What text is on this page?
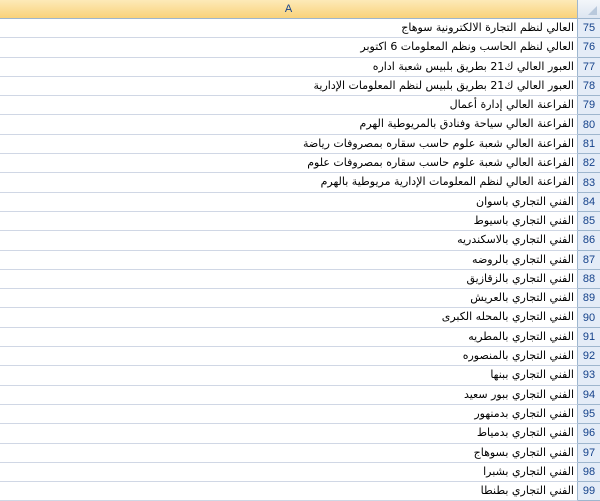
A
العالي لنظم التجارة الالكترونية سوهاج 75
العالي لنظم الحاسب ونظم المعلومات 6 اكتوبر 76
العبور العالي ك21 بطريق بلبيس شعبة اداره 77
العبور العالي ك21 بطريق بلبيس لنظم المعلومات الإدارية 78
الفراعنة العالي إدارة أعمال 79
الفراعنة العالي سياحة وفنادق بالمريوطية الهرم 80
الفراعنة العالي شعبة علوم حاسب سقاره بمصروفات رياضة 81
الفراعنة العالي شعبة علوم حاسب سقاره بمصروفات علوم 82
الفراعنة العالي لنظم المعلومات الإدارية مريوطية بالهرم 83
الفني التجاري باسوان 84
الفني التجاري باسيوط 85
الفني التجاري بالاسكندريه 86
الفني التجاري بالروضه 87
الفني التجاري بالزقازيق 88
الفني التجاري بالعريش 89
الفني التجاري بالمحله الكبرى 90
الفني التجاري بالمطريه 91
الفني التجاري بالمنصوره 92
الفني التجاري ببنها 93
الفني التجاري ببور سعيد 94
الفني التجاري بدمنهور 95
الفني التجاري بدمياط 96
الفني التجاري بسوهاج 97
الفني التجاري بشبرا 98
الفني التجاري بطنطا 99
